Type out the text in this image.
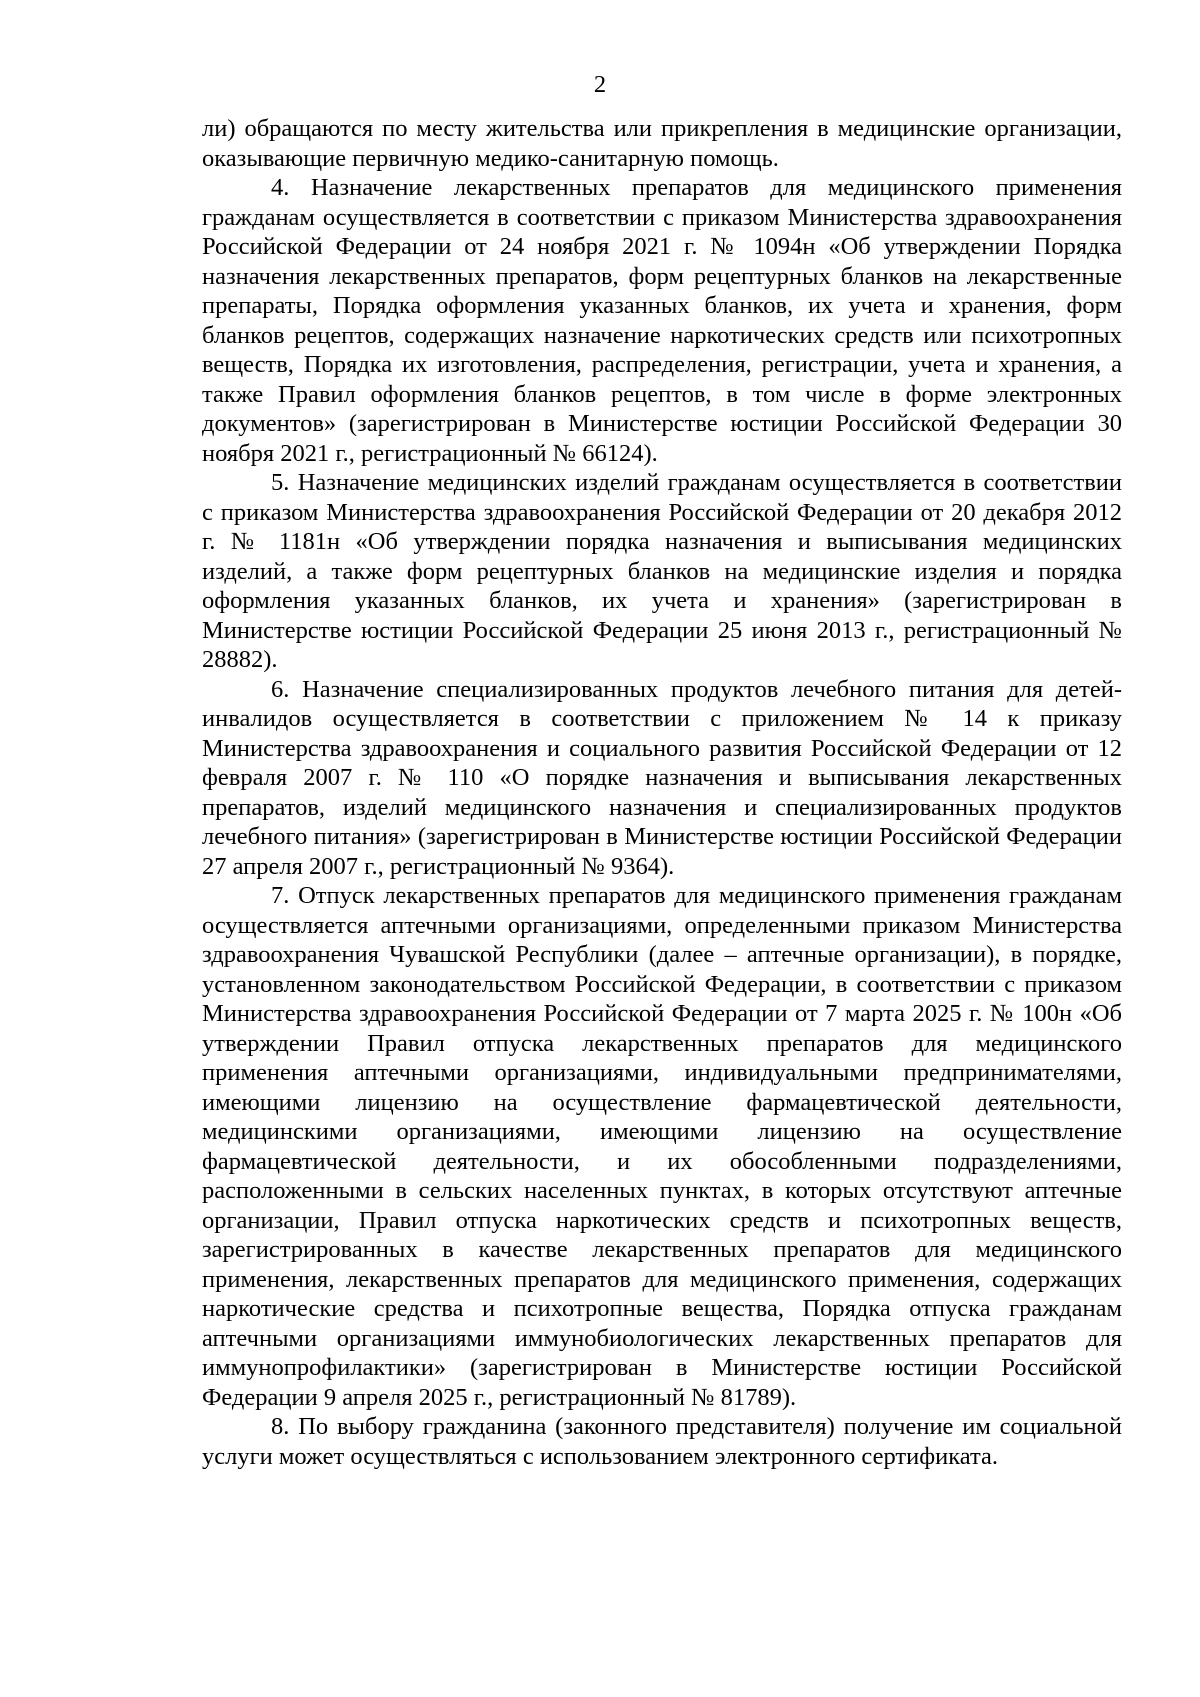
2

ли) обращаются по месту жительства или прикрепления в медицинские организации, оказывающие первичную медико-санитарную помощь.

4. Назначение лекарственных препаратов для медицинского применения гражданам осуществляется в соответствии с приказом Министерства здравоохранения Российской Федерации от 24 ноября 2021 г. № 1094н «Об утверждении Порядка назначения лекарственных препаратов, форм рецептурных бланков на лекарственные препараты, Порядка оформления указанных бланков, их учета и хранения, форм бланков рецептов, содержащих назначение наркотических средств или психотропных веществ, Порядка их изготовления, распределения, регистрации, учета и хранения, а также Правил оформления бланков рецептов, в том числе в форме электронных документов» (зарегистрирован в Министерстве юстиции Российской Федерации 30 ноября 2021 г., регистрационный № 66124).

5. Назначение медицинских изделий гражданам осуществляется в соответствии с приказом Министерства здравоохранения Российской Федерации от 20 декабря 2012 г. № 1181н «Об утверждении порядка назначения и выписывания медицинских изделий, а также форм рецептурных бланков на медицинские изделия и порядка оформления указанных бланков, их учета и хранения» (зарегистрирован в Министерстве юстиции Российской Федерации 25 июня 2013 г., регистрационный № 28882).

6. Назначение специализированных продуктов лечебного питания для детей-инвалидов осуществляется в соответствии с приложением № 14 к приказу Министерства здравоохранения и социального развития Российской Федерации от 12 февраля 2007 г. № 110 «О порядке назначения и выписывания лекарственных препаратов, изделий медицинского назначения и специализированных продуктов лечебного питания» (зарегистрирован в Министерстве юстиции Российской Федерации 27 апреля 2007 г., регистрационный № 9364).

7. Отпуск лекарственных препаратов для медицинского применения гражданам осуществляется аптечными организациями, определенными приказом Министерства здравоохранения Чувашской Республики (далее – аптечные организации), в порядке, установленном законодательством Российской Федерации, в соответствии с приказом Министерства здравоохранения Российской Федерации от 7 марта 2025 г. № 100н «Об утверждении Правил отпуска лекарственных препаратов для медицинского применения аптечными организациями, индивидуальными предпринимателями, имеющими лицензию на осуществление фармацевтической деятельности, медицинскими организациями, имеющими лицензию на осуществление фармацевтической деятельности, и их обособленными подразделениями, расположенными в сельских населенных пунктах, в которых отсутствуют аптечные организации, Правил отпуска наркотических средств и психотропных веществ, зарегистрированных в качестве лекарственных препаратов для медицинского применения, лекарственных препаратов для медицинского применения, содержащих наркотические средства и психотропные вещества, Порядка отпуска гражданам аптечными организациями иммунобиологических лекарственных препаратов для иммунопрофилактики» (зарегистрирован в Министерстве юстиции Российской Федерации 9 апреля 2025 г., регистрационный № 81789).

8. По выбору гражданина (законного представителя) получение им социальной услуги может осуществляться с использованием электронного сертификата.
